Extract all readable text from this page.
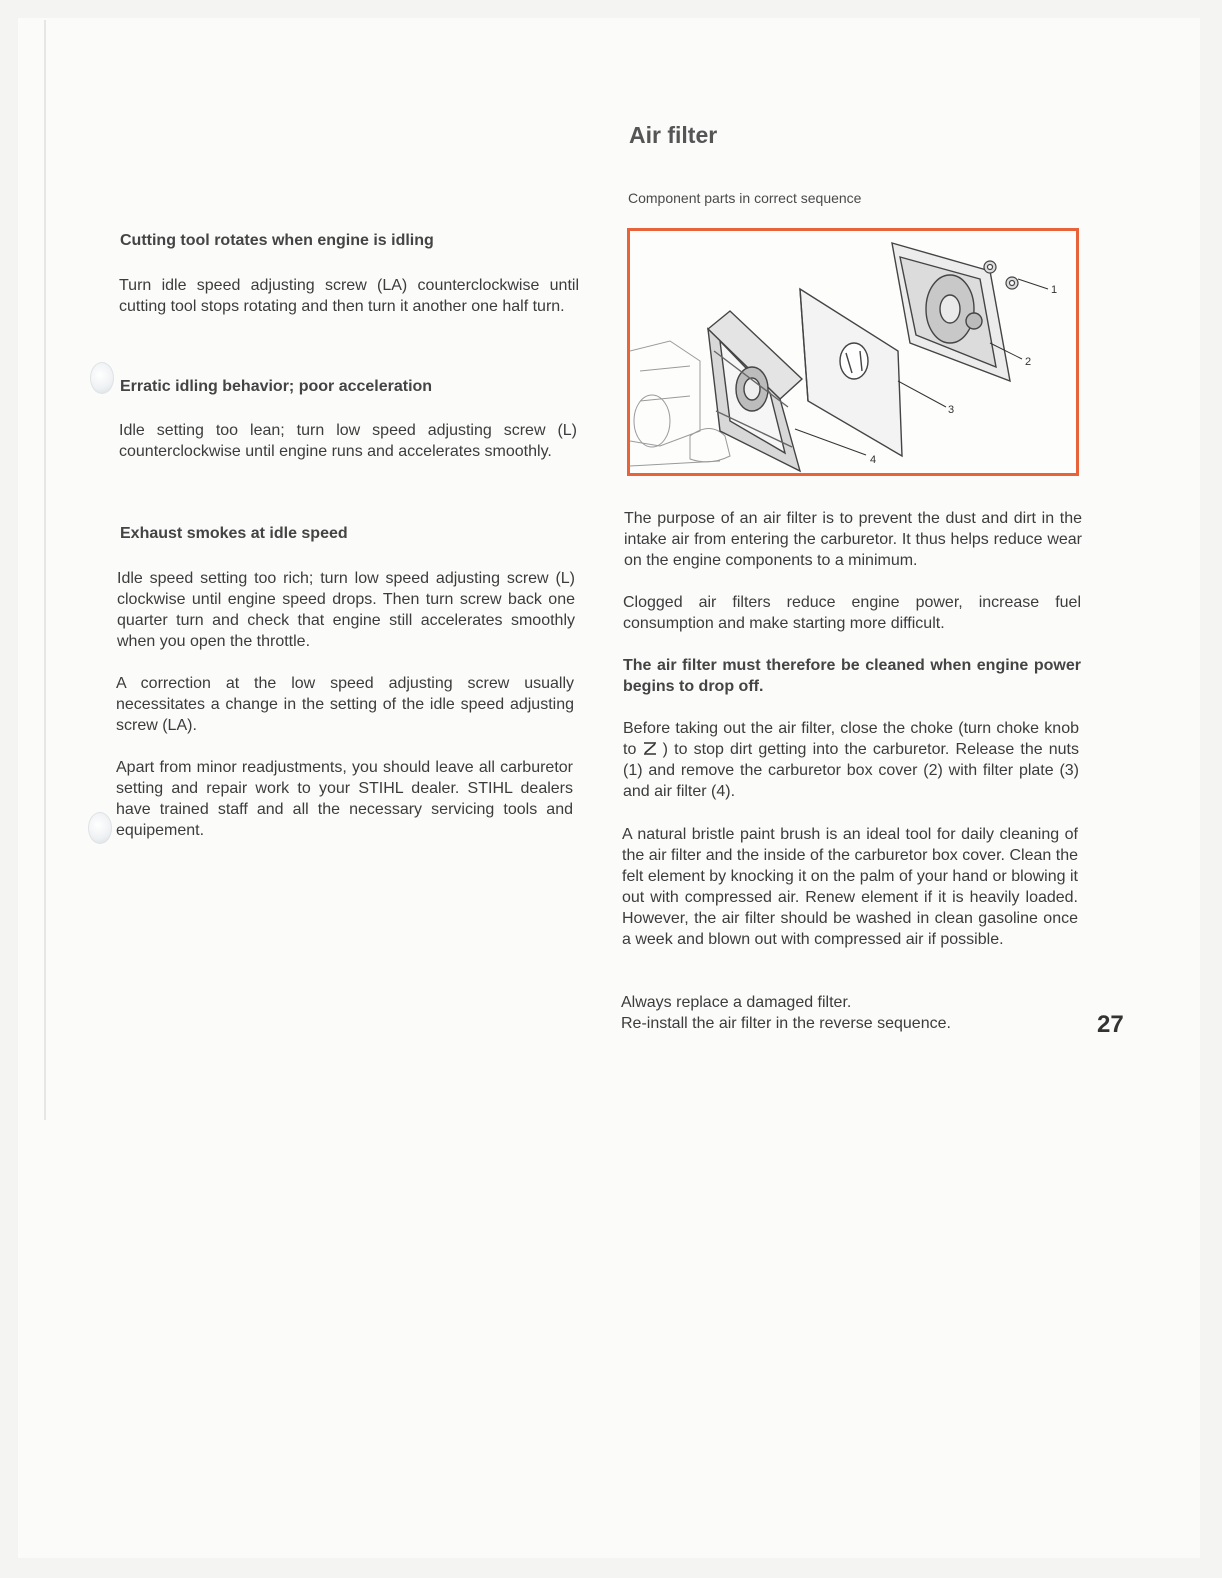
Cutting tool rotates when engine is idling

Turn idle speed adjusting screw (LA) counterclockwise until cutting tool stops rotating and then turn it another one half turn.

Erratic idling behavior; poor acceleration

Idle setting too lean; turn low speed adjusting screw (L) counterclockwise until engine runs and accelerates smoothly.

Exhaust smokes at idle speed

Idle speed setting too rich; turn low speed adjusting screw (L) clockwise until engine speed drops. Then turn screw back one quarter turn and check that engine still accelerates smoothly when you open the throttle.

A correction at the low speed adjusting screw usually necessitates a change in the setting of the idle speed adjusting screw (LA).

Apart from minor readjustments, you should leave all carburetor setting and repair work to your STIHL dealer. STIHL dealers have trained staff and all the necessary servicing tools and equipement.

Air filter
Component parts in correct sequence
1
2
3
4

The purpose of an air filter is to prevent the dust and dirt in the intake air from entering the carburetor. It thus helps reduce wear on the engine components to a minimum.

Clogged air filters reduce engine power, increase fuel consumption and make starting more difficult.

The air filter must therefore be cleaned when engine power begins to drop off.

Before taking out the air filter, close the choke (turn choke knob to ) to stop dirt getting into the carburetor. Release the nuts (1) and remove the carburetor box cover (2) with filter plate (3) and air filter (4).

A natural bristle paint brush is an ideal tool for daily cleaning of the air filter and the inside of the carburetor box cover. Clean the felt element by knocking it on the palm of your hand or blowing it out with compressed air. Renew element if it is heavily loaded. However, the air filter should be washed in clean gasoline once a week and blown out with compressed air if possible.

Always replace a damaged filter.
Re-install the air filter in the reverse sequence.	27
